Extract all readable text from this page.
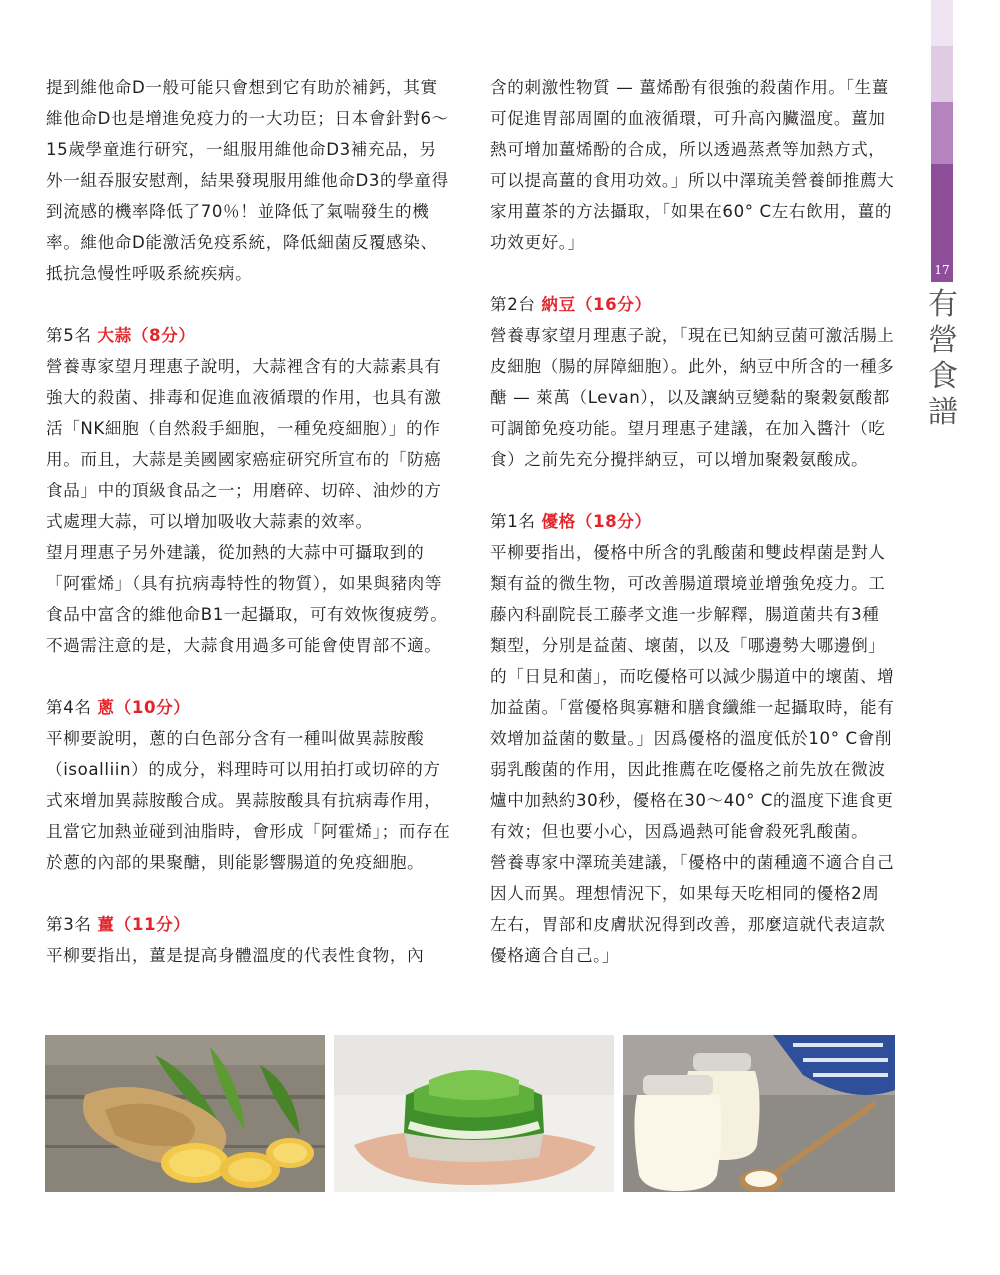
17
有
營
食
譜

提到維他命D一般可能只會想到它有助於補鈣，其實維他命D也是增進免疫力的一大功臣；日本會針對6～15歲學童進行研究，一組服用維他命D3補充品，另外一組吞服安慰劑，結果發現服用維他命D3的學童得到流感的機率降低了70％！並降低了氣喘發生的機率。維他命D能激活免疫系統，降低細菌反覆感染、抵抗急慢性呼吸系統疾病。

第5名 大蒜（8分）

營養專家望月理惠子說明，大蒜裡含有的大蒜素具有強大的殺菌、排毒和促進血液循環的作用，也具有激活「NK細胞（自然殺手細胞，一種免疫細胞）」的作用。而且，大蒜是美國國家癌症研究所宣布的「防癌食品」中的頂級食品之一；用磨碎、切碎、油炒的方式處理大蒜，可以增加吸收大蒜素的效率。

望月理惠子另外建議，從加熱的大蒜中可攝取到的「阿霍烯」（具有抗病毒特性的物質），如果與豬肉等食品中富含的維他命B1一起攝取，可有效恢復疲勞。不過需注意的是，大蒜食用過多可能會使胃部不適。

第4名 蔥（10分）

平柳要說明，蔥的白色部分含有一種叫做異蒜胺酸（isoalliin）的成分，料理時可以用拍打或切碎的方式來增加異蒜胺酸合成。異蒜胺酸具有抗病毒作用，且當它加熱並碰到油脂時，會形成「阿霍烯」；而存在於蔥的內部的果聚醣，則能影響腸道的免疫細胞。

第3名 薑（11分）

平柳要指出，薑是提高身體溫度的代表性食物，內

含的刺激性物質 — 薑烯酚有很強的殺菌作用。「生薑可促進胃部周圍的血液循環，可升高內臟溫度。薑加熱可增加薑烯酚的合成，所以透過蒸煮等加熱方式，可以提高薑的食用功效。」所以中澤琉美營養師推薦大家用薑茶的方法攝取，「如果在60° C左右飲用，薑的功效更好。」

第2台 納豆（16分）

營養專家望月理惠子說，「現在已知納豆菌可激活腸上皮細胞（腸的屏障細胞）。此外，納豆中所含的一種多醣 — 萊萬（Levan），以及讓納豆變黏的聚穀氨酸都可調節免疫功能。望月理惠子建議，在加入醬汁（吃食）之前先充分攪拌納豆，可以增加聚穀氨酸成。

第1名 優格（18分）

平柳要指出，優格中所含的乳酸菌和雙歧桿菌是對人類有益的微生物，可改善腸道環境並增強免疫力。工藤內科副院長工藤孝文進一步解釋，腸道菌共有3種類型，分別是益菌、壞菌，以及「哪邊勢大哪邊倒」的「日見和菌」，而吃優格可以減少腸道中的壞菌、增加益菌。「當優格與寡糖和膳食纖維一起攝取時，能有效增加益菌的數量。」因爲優格的溫度低於10° C會削弱乳酸菌的作用，因此推薦在吃優格之前先放在微波爐中加熱約30秒，優格在30～40° C的溫度下進食更有效；但也要小心，因爲過熱可能會殺死乳酸菌。

營養專家中澤琉美建議，「優格中的菌種適不適合自己因人而異。理想情況下，如果每天吃相同的優格2周左右，胃部和皮膚狀況得到改善，那麼這就代表這款優格適合自己。」
